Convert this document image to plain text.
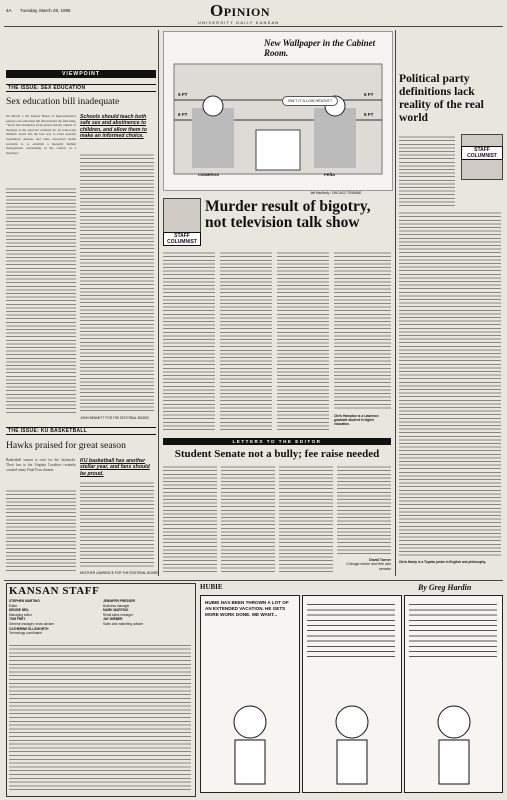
4A Tuesday, March 28, 1995	Opinion
UNIVERSITY DAILY KANSAN
VIEWPOINT
THE ISSUE: SEX EDUCATION
Sex education bill inadequate
On March 1, the Kansas House of Representatives passed a sex education bill that includes the following: "Teach that abstinence from sexual activity outside of marriage is the expected standard for all school-age children. Teach that the best way to avoid sexually transmitted diseases and other associated health problems is to establish a mutually faithful monogamous relationship in the context of a marriage."
Schools should teach both safe sex and abstinence to children, and allow them to make an informed choice.
JOHN BENNETT FOR THE EDITORIAL BOARD
THE ISSUE: KU BASKETBALL
Hawks praised for great season
Basketball season is over for the Jayhawks. Their loss to the Virginia Cavaliers certainly crushed many Final Four dreams.
KU basketball has another stellar year, and fans should be proud.
HEATHER LAWRENCE FOR THE EDITORIAL BOARD
New Wallpaper in the Cabinet Room.
5 FT
6 FT
6 FT
5 FT
ISN'T IT A LOW HEIGHT?
CISNEROS	PEÑA
Jeff MacNelly / CHICAGO TRIBUNE
STAFF COLUMNIST
Murder result of bigotry, not television talk show
Chris Hampton is a Lawrence graduate student in higher education.
Political party definitions lack reality of the real world
STAFF COLUMNIST
Chris Hardy is a Topeka junior in English and philosophy.
LETTERS TO THE EDITOR
Student Senate not a bully; fee raise needed
David Turner
Chicago senior and fine arts senator
KANSAN STAFF
STEPHEN MARTINO
Editor
DENISE NEIL
Managing editor
TOM FREY
General manager, news adviser
CATHERINE ELLSWORTH
Technology coordinator
JENNIFER PRESSER
Business manager
MARK MARTINO
Retail sales manager
JAY WIEBER
Sales and marketing adviser
HUBIE	By Greg Hardin
HUBIE HAS BEEN THROWN A LOT OF AN EXTENDED VACATION. HE GETS MORE WORK DONE. WE WANT...
